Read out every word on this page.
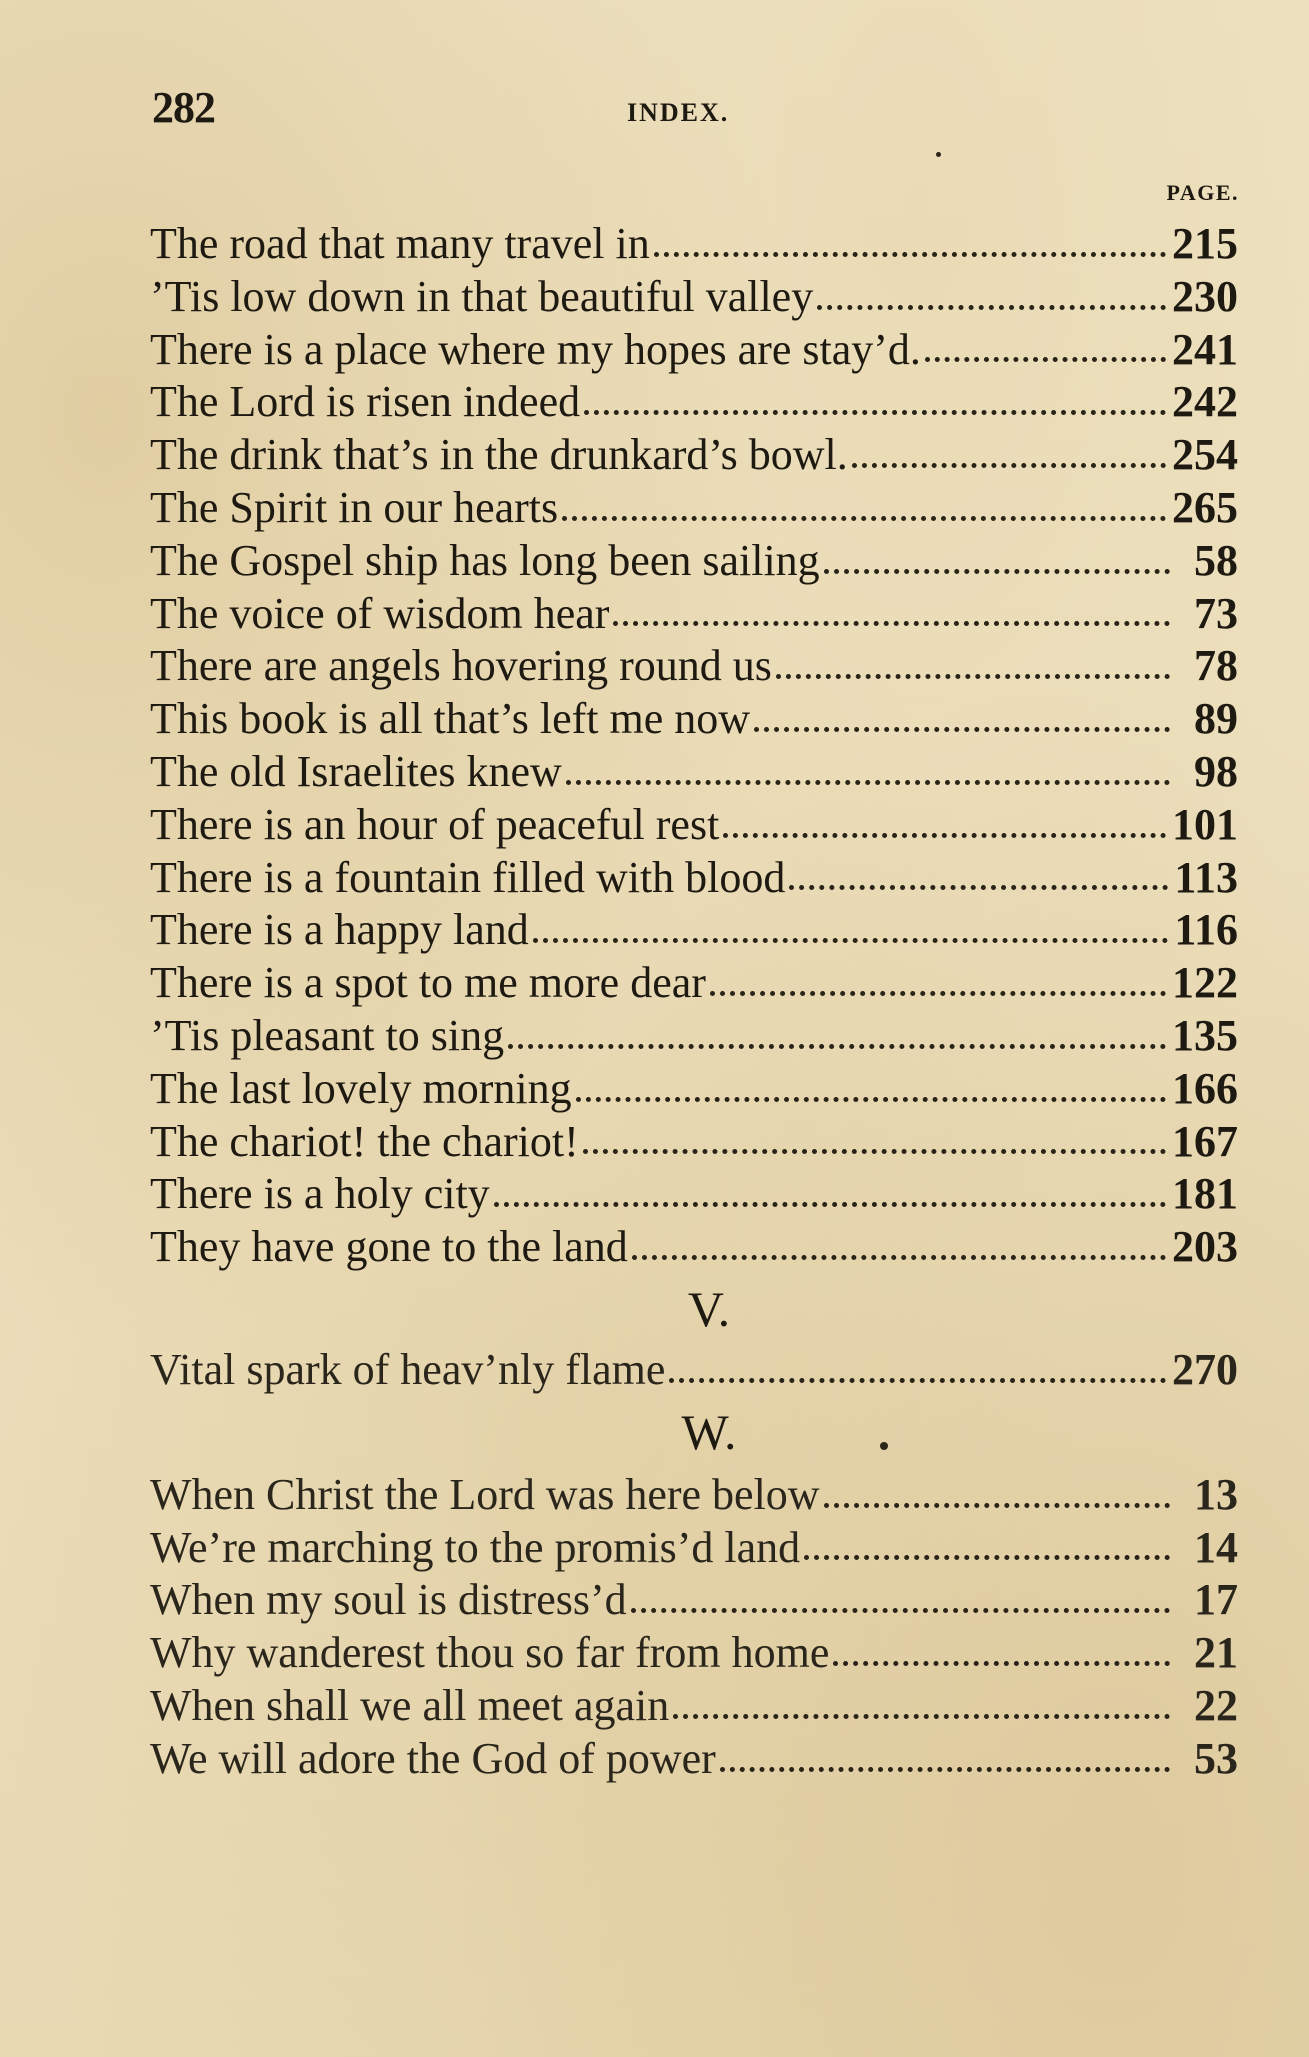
282	INDEX.
PAGE.
The road that many travel in	215
’Tis low down in that beautiful valley	230
There is a place where my hopes are stay’d.	241
The Lord is risen indeed	242
The drink that’s in the drunkard’s bowl.	254
The Spirit in our hearts	265
The Gospel ship has long been sailing	58
The voice of wisdom hear	73
There are angels hovering round us	78
This book is all that’s left me now	89
The old Israelites knew	98
There is an hour of peaceful rest	101
There is a fountain filled with blood	113
There is a happy land	116
There is a spot to me more dear	122
’Tis pleasant to sing	135
The last lovely morning	166
The chariot! the chariot!	167
There is a holy city	181
They have gone to the land	203
V.
Vital spark of heav’nly flame	270
W.
When Christ the Lord was here below	13
We’re marching to the promis’d land	14
When my soul is distress’d	17
Why wanderest thou so far from home	21
When shall we all meet again	22
We will adore the God of power	53
